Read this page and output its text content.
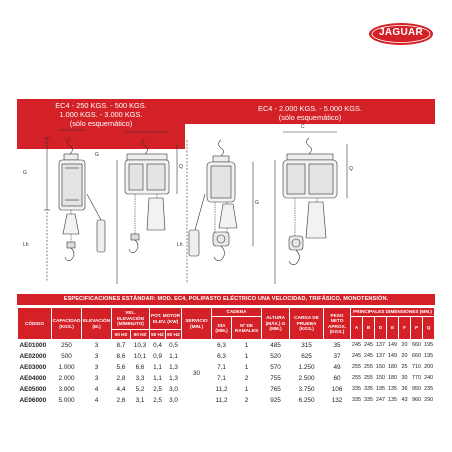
JAGUAR
EC4 - 250 KGS. - 500 KGS.
1.000 KGS. - 3.000 KGS.
(sólo esquemático)
EC4 - 2.000 KGS. - 5.000 KGS.
(sólo esquemático)
G
Lh
G
Q
Lh
G
Q
C
ESPECIFICACIONES ESTÁNDAR: MOD. EC4, POLIPASTO ELÉCTRICO UNA VELOCIDAD, TRIFÁSICO, MONOTENSIÓN.
CÓDIGO	CAPACIDAD (KGS.)	ELEVACIÓN (M.)	VEL. ELEVACIÓN (M/MINUTO)		POT. MOTOR ELEV. (KW)		SERVICIO (MIN.)	CADENA		ALTURA (MÁX.) G (MM.)	CARGA DE PRUEBA (KGS.)	PESO NETO APROX. (KGS.)	PRINCIPALES DIMENSIONES (MM.)						
								DÍA (MM.)	Nº DE RAMALES				A	B	D	E	F	P	Q
			50 HZ	60 HZ	50 HZ	60 HZ													
AE01000	250	3	8,7	10,3	0,4	0,5	30	6,3	1	485	315	35	245	245	137	149	20	660	195
AE02000	500	3	8,6	10,1	0,9	1,1		6,3	1	520	625	37	245	245	137	149	20	660	195
AE03000	1.000	3	5,6	6,6	1,1	1,3		7,1	1	570	1.250	49	255	255	150	180	25	710	200
AE04000	2.000	3	2,8	3,3	1,1	1,3		7,1	2	755	2.500	60	255	255	150	180	30	770	240
AE05000	3.000	4	4,4	5,2	2,5	3,0		11,2	1	765	3.750	106	335	335	195	135	36	950	235
AE06000	5.000	4	2,6	3,1	2,5	3,0		11,2	2	925	6.250	132	335	335	247	135	43	960	290
